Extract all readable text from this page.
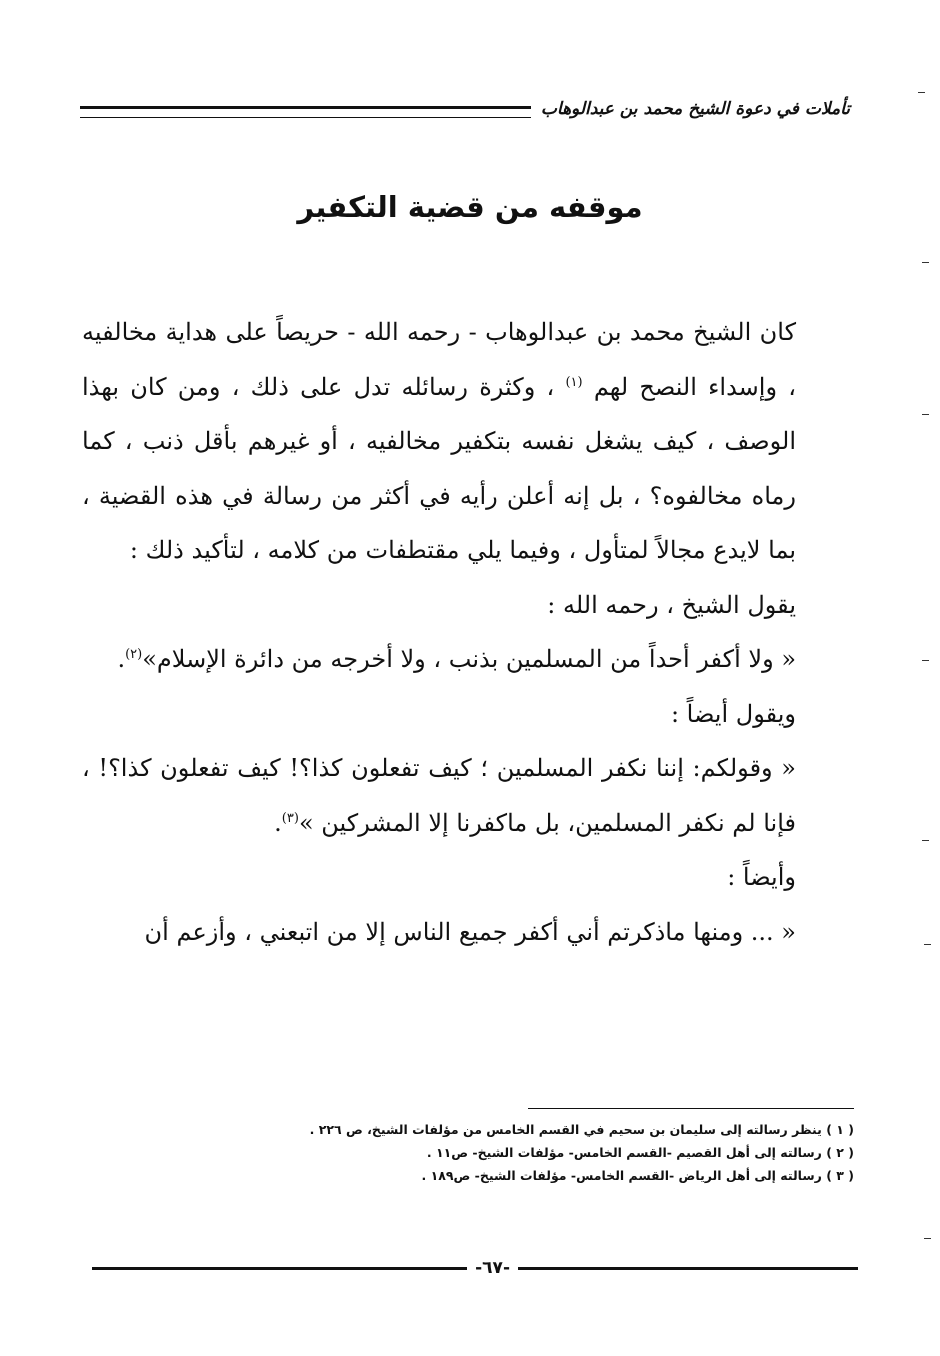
تأملات في دعوة الشيخ محمد بن عبدالوهاب
موقفه من قضية التكفير

كان الشيخ محمد بن عبدالوهاب - رحمه الله - حريصاً على هداية مخالفيه ، وإسداء النصح لهم $^{(١)}$ ، وكثرة رسائله تدل على ذلك ، ومن كان بهذا الوصف ، كيف يشغل نفسه بتكفير مخالفيه ، أو غيرهم بأقل ذنب ، كما رماه مخالفوه؟ ، بل إنه أعلن رأيه في أكثر من رسالة في هذه القضية ، بما لايدع مجالاً لمتأول ، وفيما يلي مقتطفات من كلامه ، لتأكيد ذلك :

يقول الشيخ ، رحمه الله :

« ولا أكفر أحداً من المسلمين بذنب ، ولا أخرجه من دائرة الإسلام»$^{(٢)}$.

ويقول أيضاً :

« وقولكم: إننا نكفر المسلمين ؛ كيف تفعلون كذا؟! كيف تفعلون كذا؟! ، فإنا لم نكفر المسلمين، بل ماكفرنا إلا المشركين »$^{(٣)}$.

وأيضاً :

« ... ومنها ماذكرتم أني أكفر جميع الناس إلا من اتبعني ، وأزعم أن

( ١ ) ينظر رسالته إلى سليمان بن سحيم في القسم الخامس من مؤلفات الشيخ، ص ٢٢٦ .

( ٢ ) رسالته إلى أهل القصيم -القسم الخامس- مؤلفات الشيخ- ص١١ .

( ٣ ) رسالته إلى أهل الرياض -القسم الخامس- مؤلفات الشيخ- ص١٨٩ .

-٦٧-
